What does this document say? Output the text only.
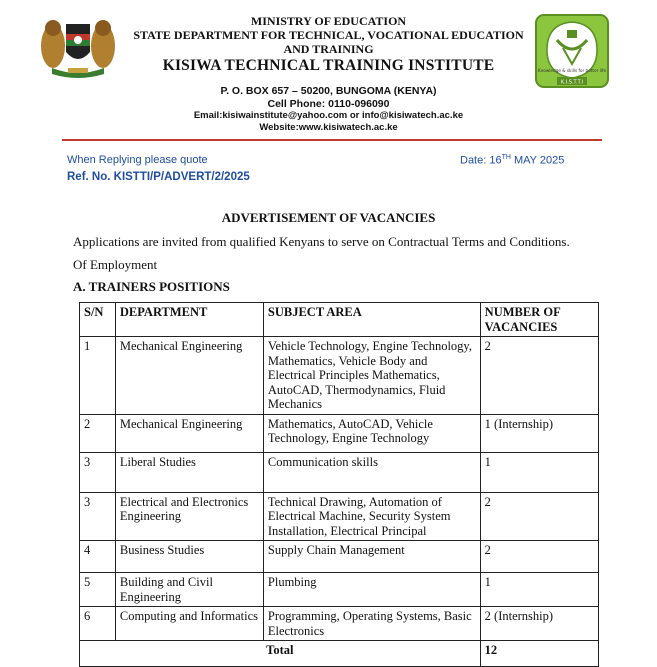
MINISTRY OF EDUCATION
STATE DEPARTMENT FOR TECHNICAL, VOCATIONAL EDUCATION
AND TRAINING
KISIWA TECHNICAL TRAINING INSTITUTE
P. O. BOX 657 – 50200, BUNGOMA (KENYA)
Cell Phone: 0110-096090
Email:kisiwainstitute@yahoo.com or info@kisiwatech.ac.ke
Website:www.kisiwatech.ac.ke
Knowledge & skills for better life
K.I.S.T.T.I
When Replying please quote
Ref. No. KISTTI/P/ADVERT/2/2025
Date: 16TH MAY 2025
ADVERTISEMENT OF VACANCIES
Applications are invited from qualified Kenyans to serve on Contractual Terms and Conditions.
Of Employment
A. TRAINERS POSITIONS
S/N	DEPARTMENT	SUBJECT AREA	NUMBER OF VACANCIES
1	Mechanical Engineering	Vehicle Technology, Engine Technology, Mathematics, Vehicle Body and Electrical Principles Mathematics, AutoCAD, Thermodynamics, Fluid Mechanics	2
2	Mechanical Engineering	Mathematics, AutoCAD, Vehicle Technology, Engine Technology	1 (Internship)
3	Liberal Studies	Communication skills	1
3	Electrical and Electronics Engineering	Technical Drawing, Automation of Electrical Machine, Security System Installation, Electrical Principal	2
4	Business Studies	Supply Chain Management	2
5	Building and Civil Engineering	Plumbing	1
6	Computing and Informatics	Programming, Operating Systems, Basic Electronics	2 (Internship)
Total			12
